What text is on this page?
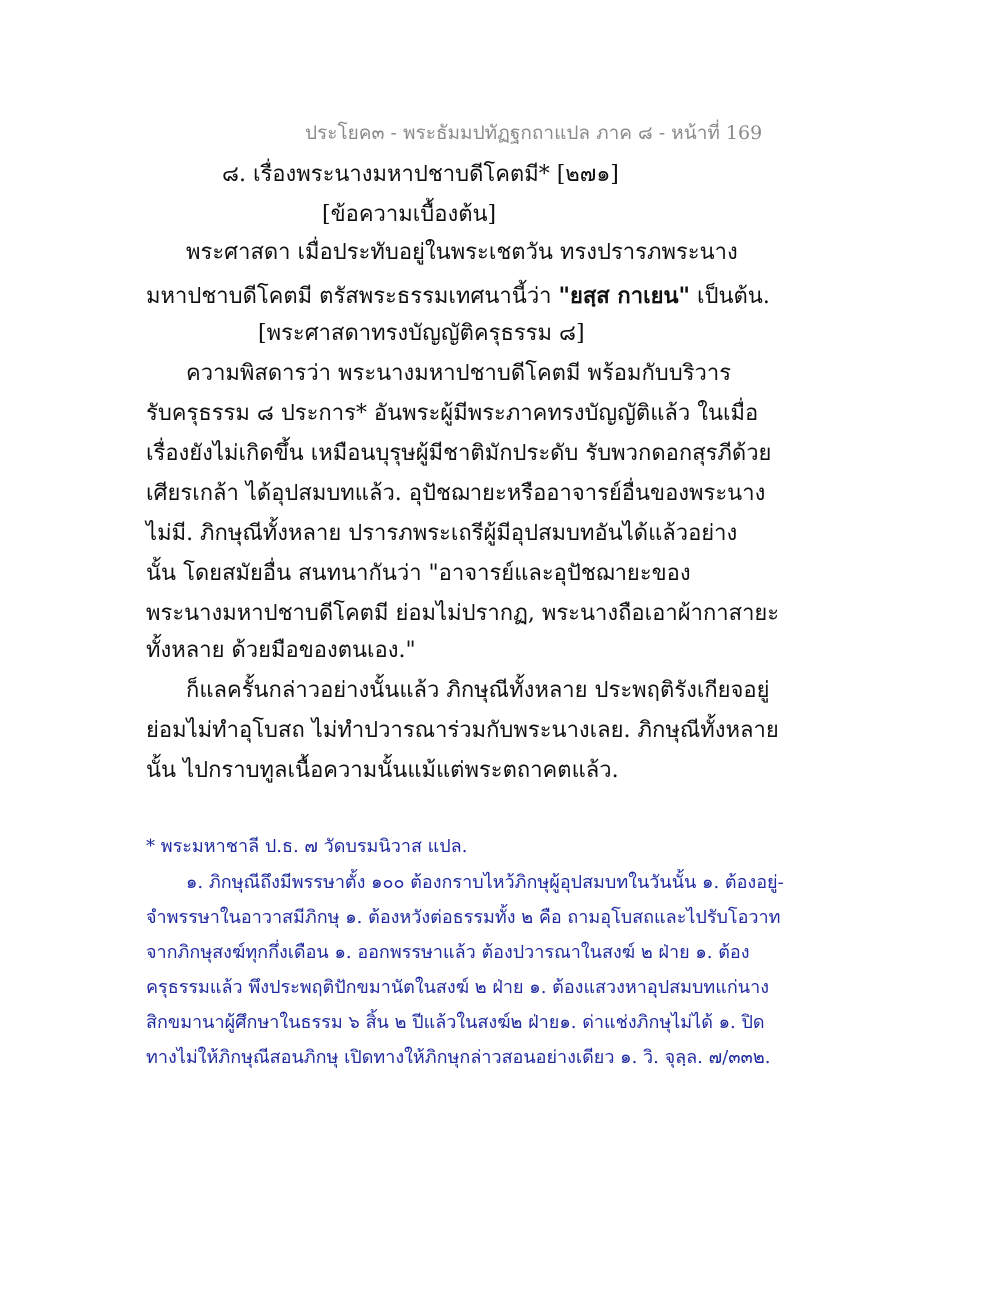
ประโยค๓ - พระธัมมปทัฏฐกถาแปล ภาค ๘ - หน้าที่ 169
๘. เรื่องพระนางมหาปชาบดีโคตมี* [๒๗๑]
[ข้อความเบื้องต้น]
พระศาสดา เมื่อประทับอยู่ในพระเชตวัน ทรงปรารภพระนาง
มหาปชาบดีโคตมี ตรัสพระธรรมเทศนานี้ว่า "ยสฺส กาเยน" เป็นต้น.
[พระศาสดาทรงบัญญัติครุธรรม ๘]
ความพิสดารว่า พระนางมหาปชาบดีโคตมี พร้อมกับบริวาร
รับครุธรรม ๘ ประการ* อันพระผู้มีพระภาคทรงบัญญัติแล้ว ในเมื่อ
เรื่องยังไม่เกิดขึ้น เหมือนบุรุษผู้มีชาติมักประดับ รับพวกดอกสุรภีด้วย
เศียรเกล้า ได้อุปสมบทแล้ว. อุปัชฌายะหรืออาจารย์อื่นของพระนาง
ไม่มี. ภิกษุณีทั้งหลาย ปรารภพระเถรีผู้มีอุปสมบทอันได้แล้วอย่าง
นั้น โดยสมัยอื่น สนทนากันว่า "อาจารย์และอุปัชฌายะของ
พระนางมหาปชาบดีโคตมี ย่อมไม่ปรากฏ, พระนางถือเอาผ้ากาสายะ
ทั้งหลาย ด้วยมือของตนเอง."
ก็แลครั้นกล่าวอย่างนั้นแล้ว ภิกษุณีทั้งหลาย ประพฤติรังเกียจอยู่
ย่อมไม่ทำอุโบสถ ไม่ทำปวารณาร่วมกับพระนางเลย. ภิกษุณีทั้งหลาย
นั้น ไปกราบทูลเนื้อความนั้นแม้แต่พระตถาคตแล้ว.
* พระมหาชาลี ป.ธ. ๗ วัดบรมนิวาส แปล.
๑. ภิกษุณีถึงมีพรรษาตั้ง ๑๐๐ ต้องกราบไหว้ภิกษุผู้อุปสมบทในวันนั้น ๑. ต้องอยู่-
จำพรรษาในอาวาสมีภิกษุ ๑. ต้องหวังต่อธรรมทั้ง ๒ คือ ถามอุโบสถและไปรับโอวาท
จากภิกษุสงฆ์ทุกกึ่งเดือน ๑. ออกพรรษาแล้ว ต้องปวารณาในสงฆ์ ๒ ฝ่าย ๑. ต้อง
ครุธรรมแล้ว พึงประพฤติปักขมานัตในสงฆ์ ๒ ฝ่าย ๑. ต้องแสวงหาอุปสมบทแก่นาง
สิกขมานาผู้ศึกษาในธรรม ๖ สิ้น ๒ ปีแล้วในสงฆ์๒ ฝ่าย๑. ด่าแช่งภิกษุไม่ได้ ๑. ปิด
ทางไม่ให้ภิกษุณีสอนภิกษุ เปิดทางให้ภิกษุกล่าวสอนอย่างเดียว ๑. วิ. จุลฺล. ๗/๓๓๒.
